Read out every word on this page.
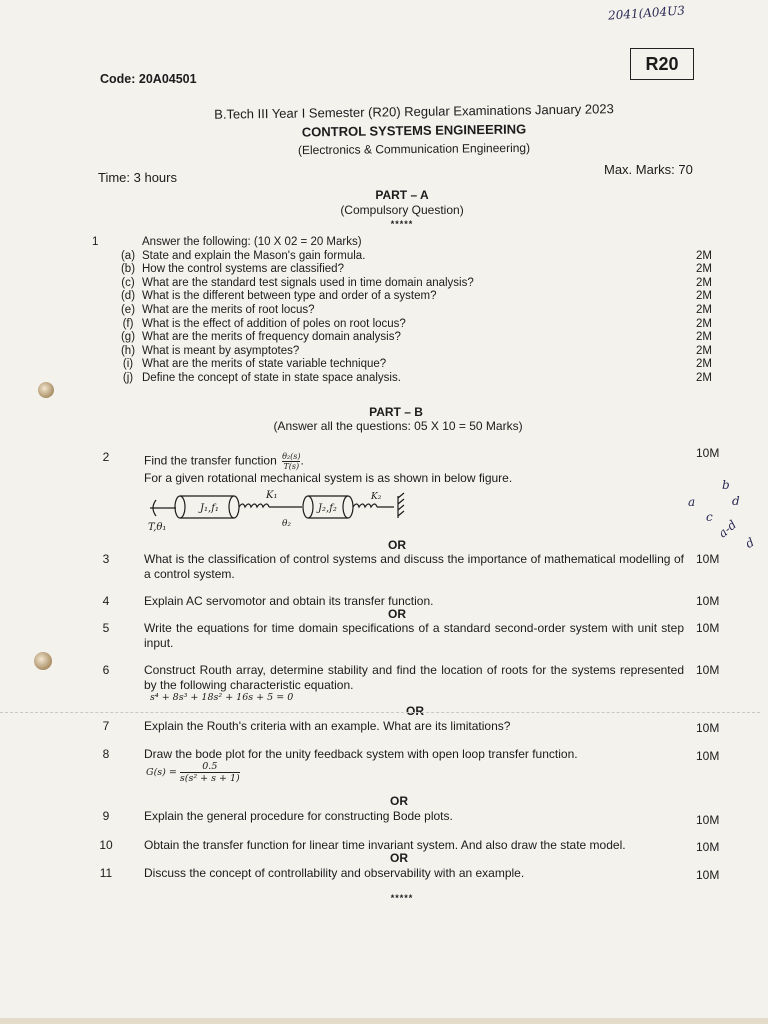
2041(A04U3
Code: 20A04501
R20
B.Tech III Year I Semester (R20) Regular Examinations January 2023
CONTROL SYSTEMS ENGINEERING
(Electronics & Communication Engineering)
Time: 3 hours
Max. Marks: 70
PART – A
(Compulsory Question)
*****
1	Answer the following: (10 X 02 = 20 Marks)
(a) State and explain the Mason's gain formula.	2M
(b) How the control systems are classified?	2M
(c) What are the standard test signals used in time domain analysis?	2M
(d) What is the different between type and order of a system?	2M
(e) What are the merits of root locus?	2M
(f) What is the effect of addition of poles on root locus?	2M
(g) What are the merits of frequency domain analysis?	2M
(h) What is meant by asymptotes?	2M
(i) What are the merits of state variable technique?	2M
(j) Define the concept of state in state space analysis.	2M
PART – B
(Answer all the questions: 05 X 10 = 50 Marks)
2	Find the transfer function $\frac{\text{θ₂(s)}}{T(s)}$ .
10M
For a given rotational mechanical system is as shown in below figure.
J₁,f₁	J₂,f₂
K₁	K₂
T,θ₁	θ₂
OR
3	What is the classification of control systems and discuss the importance of mathematical modelling of a control system.
10M
4	Explain AC servomotor and obtain its transfer function.	10M
OR
5	Write the equations for time domain specifications of a standard second-order system with unit step input.
10M
6	Construct Routh array, determine stability and find the location of roots for the systems represented by the following characteristic equation.
10M
s⁴ + 8s³ + 18s² + 16s + 5 = 0
OR
7	Explain the Routh's criteria with an example. What are its limitations?	10M
8	Draw the bode plot for the unity feedback system with open loop transfer function.	10M
$G(s) = \frac{0.5}{\text{s(s² + s + 1)}}$
OR
9	Explain the general procedure for constructing Bode plots.	10M
10	Obtain the transfer function for linear time invariant system. And also draw the state model.	10M
OR
11	Discuss the concept of controllability and observability with an example.	10M
*****
a
b
c
d
a-d
d
